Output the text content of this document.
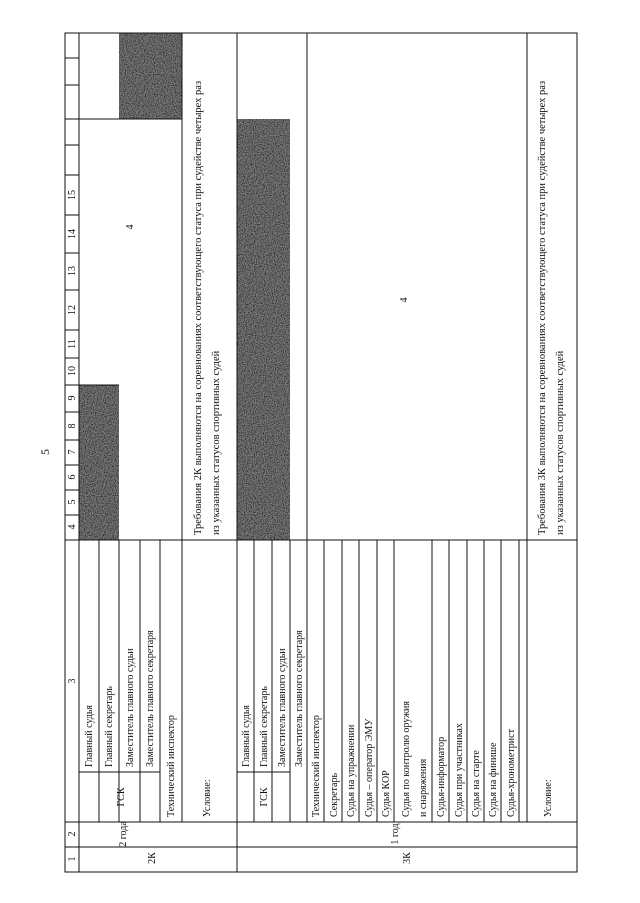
5
1
2
3
4
5
6
7
8
9
10
11
12
13
14
15
2К
2 года
ГСК
Главный судья Главный секретарь Заместитель главного судьи Заместитель главного секретаря Технический инспектор
4
Условие:
Требования 2К выполняются на соревнованиях соответствующего статуса при судействе четырех раз из указанных статусов спортивных судей
3К
1 год
ГСК
Главный судья Главный секретарь Заместитель главного судьи Заместитель главного секретаря Технический инспектор Секретарь Судья на упражнении Судья – оператор ЭМУ Судья КОР Судья по контролю оружия и снаряжения Судья-информатор Судья при участниках Судья на старте Судья на финише Судья-хронометрист
4
Условие:
Требования 3К выполняются на соревнованиях соответствующего статуса при судействе четырех раз из указанных статусов спортивных судей
